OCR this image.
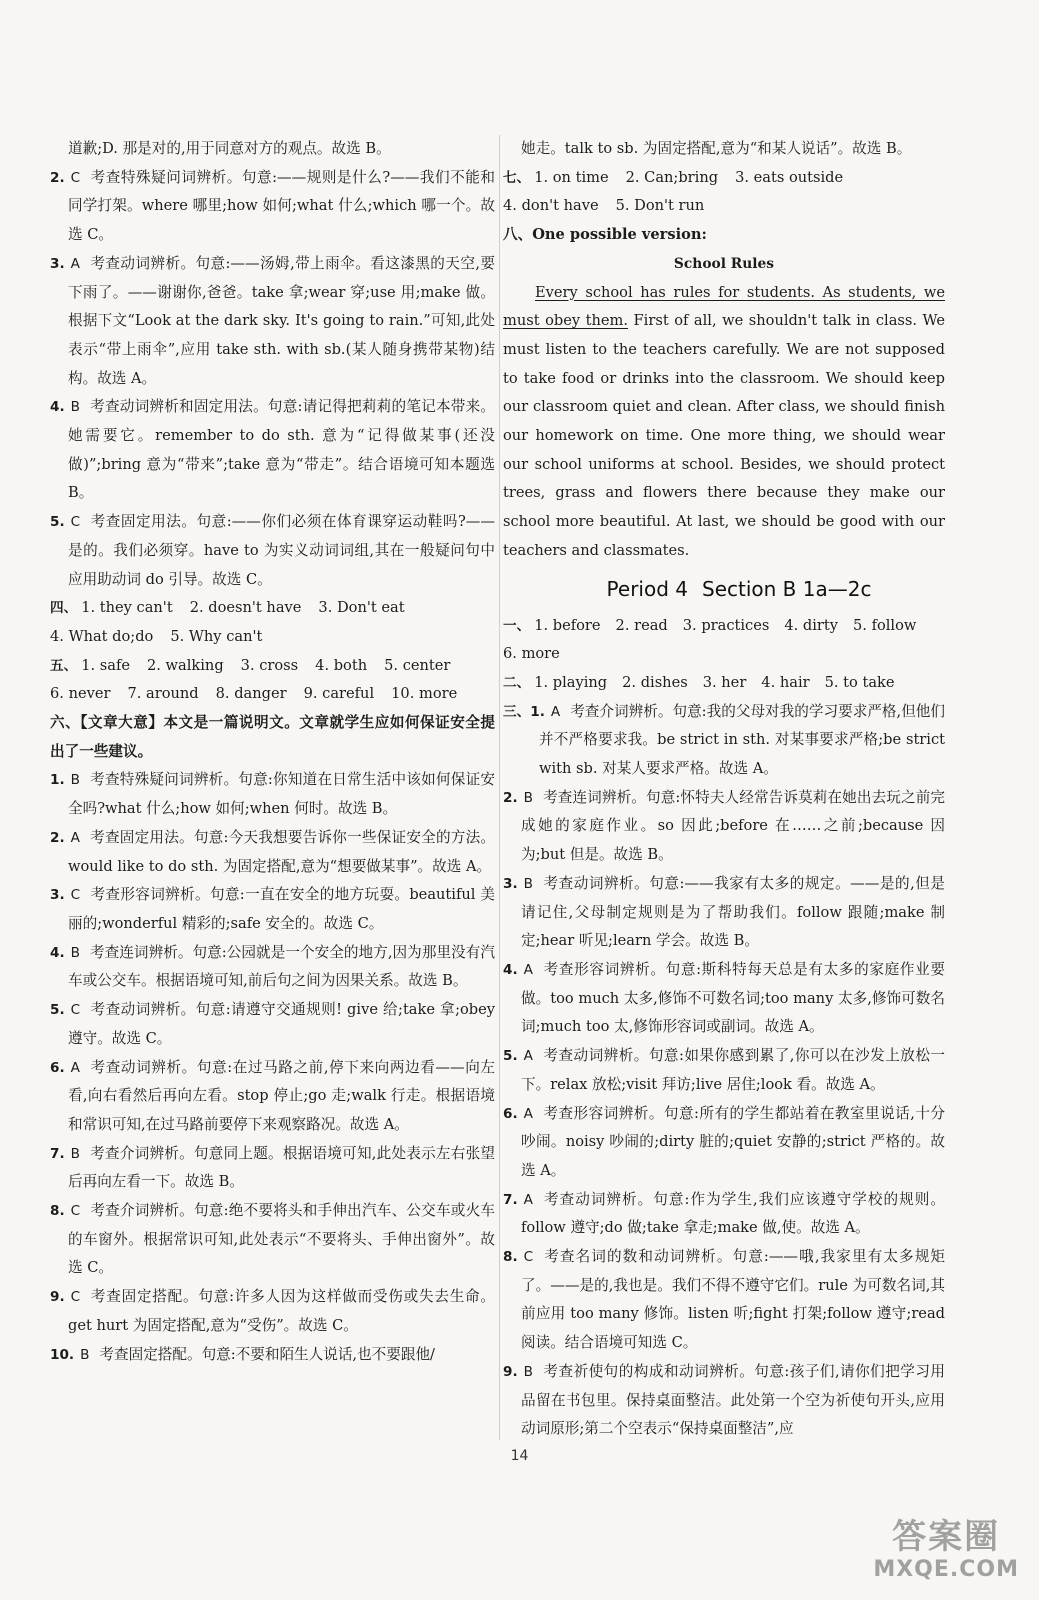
道歉;D. 那是对的,用于同意对方的观点。故选 B。

2. C 考查特殊疑问词辨析。句意:——规则是什么?——我们不能和同学打架。where 哪里;how 如何;what 什么;which 哪一个。故选 C。

3. A 考查动词辨析。句意:——汤姆,带上雨伞。看这漆黑的天空,要下雨了。——谢谢你,爸爸。take 拿;wear 穿;use 用;make 做。根据下文“Look at the dark sky. It's going to rain.”可知,此处表示“带上雨伞”,应用 take sth. with sb.(某人随身携带某物)结构。故选 A。

4. B 考查动词辨析和固定用法。句意:请记得把莉莉的笔记本带来。她需要它。remember to do sth. 意为“记得做某事(还没做)”;bring 意为“带来”;take 意为“带走”。结合语境可知本题选 B。

5. C 考查固定用法。句意:——你们必须在体育课穿运动鞋吗?——是的。我们必须穿。have to 为实义动词词组,其在一般疑问句中应用助动词 do 引导。故选 C。

四、 1. they can't 2. doesn't have 3. Don't eat

4. What do;do 5. Why can't

五、 1. safe 2. walking 3. cross 4. both 5. center

6. never 7. around 8. danger 9. careful 10. more

六、【文章大意】本文是一篇说明文。文章就学生应如何保证安全提出了一些建议。

1. B 考查特殊疑问词辨析。句意:你知道在日常生活中该如何保证安全吗?what 什么;how 如何;when 何时。故选 B。

2. A 考查固定用法。句意:今天我想要告诉你一些保证安全的方法。would like to do sth. 为固定搭配,意为“想要做某事”。故选 A。

3. C 考查形容词辨析。句意:一直在安全的地方玩耍。beautiful 美丽的;wonderful 精彩的;safe 安全的。故选 C。

4. B 考查连词辨析。句意:公园就是一个安全的地方,因为那里没有汽车或公交车。根据语境可知,前后句之间为因果关系。故选 B。

5. C 考查动词辨析。句意:请遵守交通规则! give 给;take 拿;obey 遵守。故选 C。

6. A 考查动词辨析。句意:在过马路之前,停下来向两边看——向左看,向右看然后再向左看。stop 停止;go 走;walk 行走。根据语境和常识可知,在过马路前要停下来观察路况。故选 A。

7. B 考查介词辨析。句意同上题。根据语境可知,此处表示左右张望后再向左看一下。故选 B。

8. C 考查介词辨析。句意:绝不要将头和手伸出汽车、公交车或火车的车窗外。根据常识可知,此处表示“不要将头、手伸出窗外”。故选 C。

9. C 考查固定搭配。句意:许多人因为这样做而受伤或失去生命。get hurt 为固定搭配,意为“受伤”。故选 C。

10. B 考查固定搭配。句意:不要和陌生人说话,也不要跟他/

她走。talk to sb. 为固定搭配,意为“和某人说话”。故选 B。

七、 1. on time 2. Can;bring 3. eats outside

4. don't have 5. Don't run

八、One possible version:

School Rules

Every school has rules for students. As students, we must obey them. First of all, we shouldn't talk in class. We must listen to the teachers carefully. We are not supposed to take food or drinks into the classroom. We should keep our classroom quiet and clean. After class, we should finish our homework on time. One more thing, we should wear our school uniforms at school. Besides, we should protect trees, grass and flowers there because they make our school more beautiful. At last, we should be good with our teachers and classmates.

Period 4 Section B 1a—2c

一、 1. before 2. read 3. practices 4. dirty 5. follow

6. more

二、 1. playing 2. dishes 3. her 4. hair 5. to take

三、1. A 考查介词辨析。句意:我的父母对我的学习要求严格,但他们并不严格要求我。be strict in sth. 对某事要求严格;be strict with sb. 对某人要求严格。故选 A。

2. B 考查连词辨析。句意:怀特夫人经常告诉莫莉在她出去玩之前完成她的家庭作业。so 因此;before 在……之前;because 因为;but 但是。故选 B。

3. B 考查动词辨析。句意:——我家有太多的规定。——是的,但是请记住,父母制定规则是为了帮助我们。follow 跟随;make 制定;hear 听见;learn 学会。故选 B。

4. A 考查形容词辨析。句意:斯科特每天总是有太多的家庭作业要做。too much 太多,修饰不可数名词;too many 太多,修饰可数名词;much too 太,修饰形容词或副词。故选 A。

5. A 考查动词辨析。句意:如果你感到累了,你可以在沙发上放松一下。relax 放松;visit 拜访;live 居住;look 看。故选 A。

6. A 考查形容词辨析。句意:所有的学生都站着在教室里说话,十分吵闹。noisy 吵闹的;dirty 脏的;quiet 安静的;strict 严格的。故选 A。

7. A 考查动词辨析。句意:作为学生,我们应该遵守学校的规则。follow 遵守;do 做;take 拿走;make 做,使。故选 A。

8. C 考查名词的数和动词辨析。句意:——哦,我家里有太多规矩了。——是的,我也是。我们不得不遵守它们。rule 为可数名词,其前应用 too many 修饰。listen 听;fight 打架;follow 遵守;read 阅读。结合语境可知选 C。

9. B 考查祈使句的构成和动词辨析。句意:孩子们,请你们把学习用品留在书包里。保持桌面整洁。此处第一个空为祈使句开头,应用动词原形;第二个空表示“保持桌面整洁”,应

14
答案圈
MXQE.COM
